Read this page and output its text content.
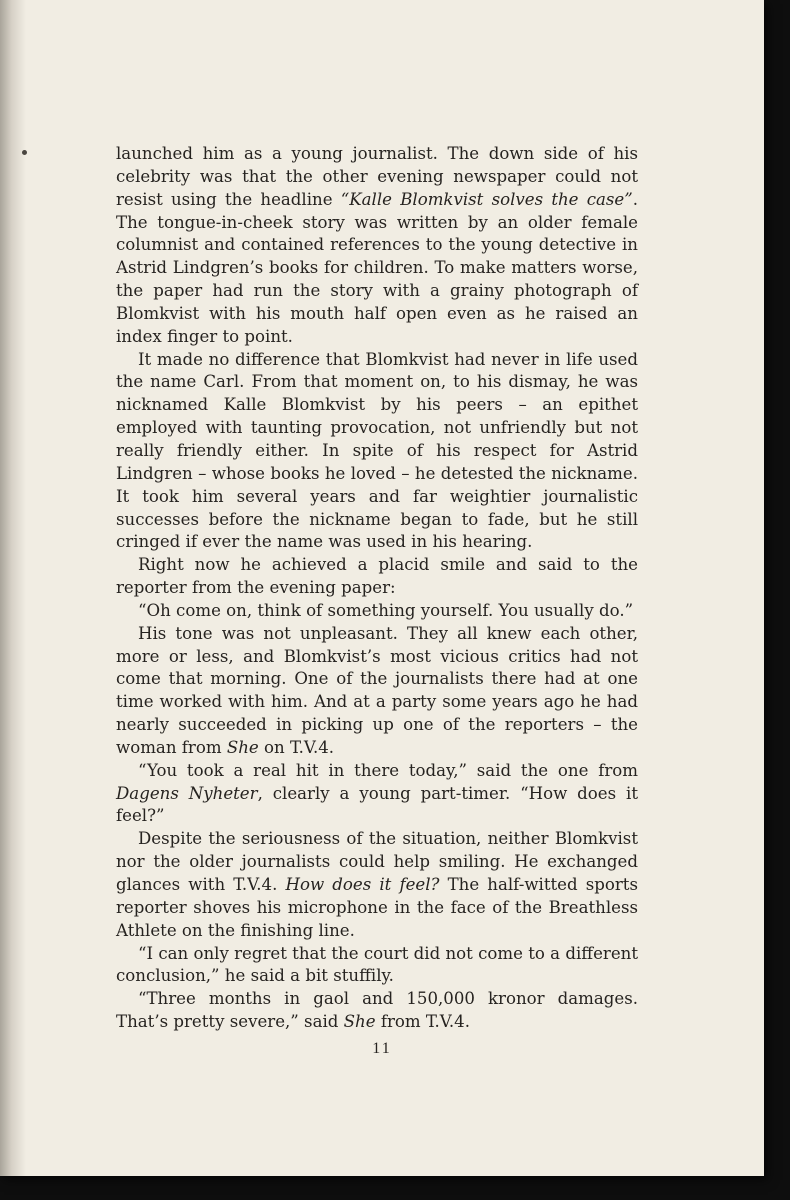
launched him as a young journalist. The down side of his celebrity was that the other evening newspaper could not resist using the headline “Kalle Blomkvist solves the case”. The tongue-in-cheek story was written by an older female columnist and contained references to the young detective in Astrid Lindgren’s books for children. To make matters worse, the paper had run the story with a grainy photograph of Blomkvist with his mouth half open even as he raised an index finger to point.

It made no difference that Blomkvist had never in life used the name Carl. From that moment on, to his dismay, he was nicknamed Kalle Blomkvist by his peers – an epithet employed with taunting provocation, not unfriendly but not really friendly either. In spite of his respect for Astrid Lindgren – whose books he loved – he detested the nickname. It took him several years and far weightier journalistic successes before the nickname began to fade, but he still cringed if ever the name was used in his hearing.

Right now he achieved a placid smile and said to the reporter from the evening paper:

“Oh come on, think of something yourself. You usually do.”

His tone was not unpleasant. They all knew each other, more or less, and Blomkvist’s most vicious critics had not come that morning. One of the journalists there had at one time worked with him. And at a party some years ago he had nearly succeeded in picking up one of the reporters – the woman from She on T.V.4.

“You took a real hit in there today,” said the one from Dagens Nyheter, clearly a young part-timer. “How does it feel?”

Despite the seriousness of the situation, neither Blomkvist nor the older journalists could help smiling. He exchanged glances with T.V.4. How does it feel? The half-witted sports reporter shoves his microphone in the face of the Breathless Athlete on the finishing line.

“I can only regret that the court did not come to a different conclusion,” he said a bit stuffily.

“Three months in gaol and 150,000 kronor damages. That’s pretty severe,” said She from T.V.4.

11
